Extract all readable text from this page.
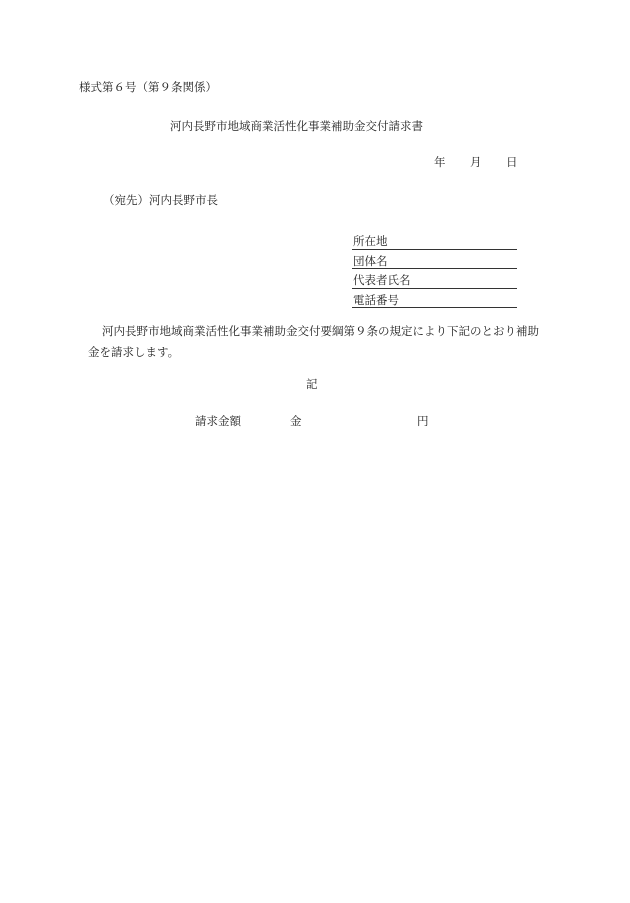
様式第６号（第９条関係）
河内長野市地域商業活性化事業補助金交付請求書
年 月 日
（宛先）河内長野市長
所在地
団体名
代表者氏名
電話番号
河内長野市地域商業活性化事業補助金交付要綱第９条の規定により下記のとおり補助金を請求します。
記
請求金額	金	円
